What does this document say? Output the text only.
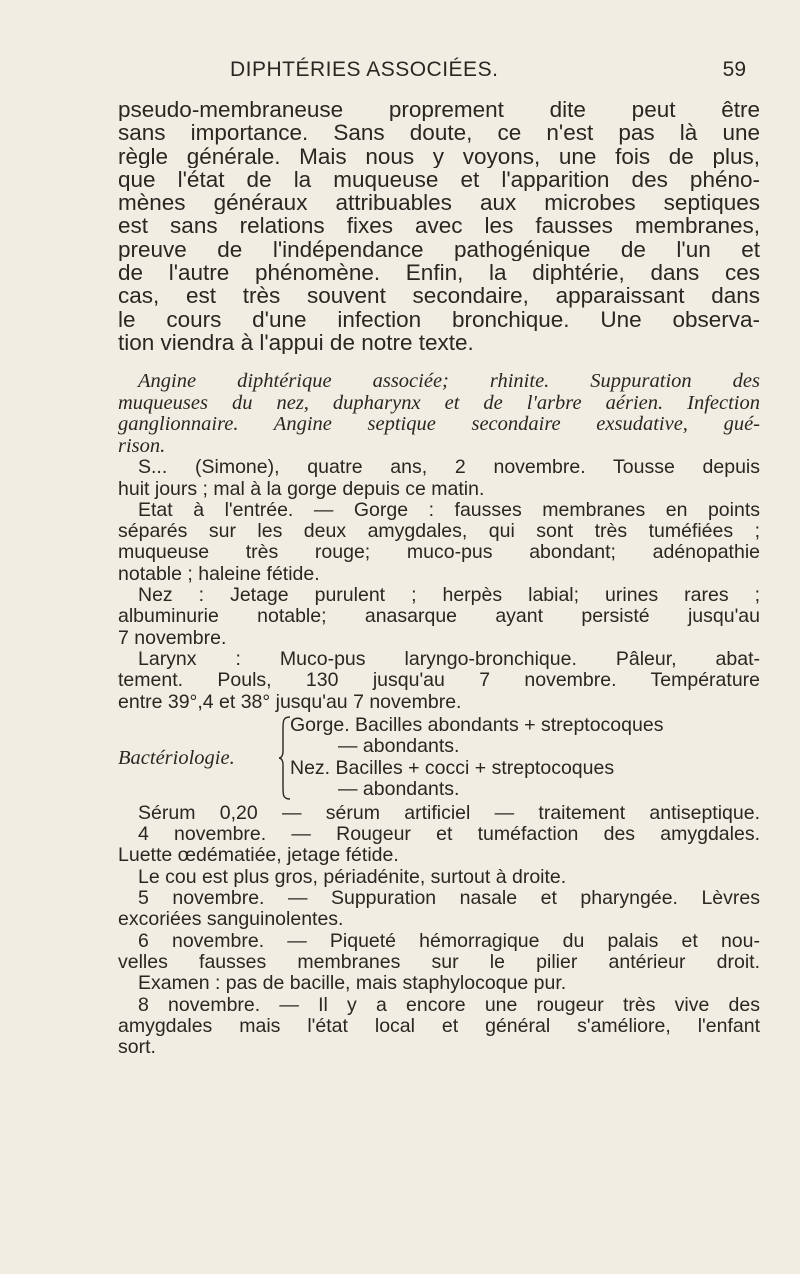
DIPHTÉRIES ASSOCIÉES.	59
pseudo-membraneuse proprement dite peut être
sans importance. Sans doute, ce n'est pas là une
règle générale. Mais nous y voyons, une fois de plus,
que l'état de la muqueuse et l'apparition des phéno-
mènes généraux attribuables aux microbes septiques
est sans relations fixes avec les fausses membranes,
preuve de l'indépendance pathogénique de l'un et
de l'autre phénomène. Enfin, la diphtérie, dans ces
cas, est très souvent secondaire, apparaissant dans
le cours d'une infection bronchique. Une observa-
tion viendra à l'appui de notre texte.
Angine diphtérique associée; rhinite. Suppuration des
muqueuses du nez, dupharynx et de l'arbre aérien. Infection
ganglionnaire. Angine septique secondaire exsudative, gué-
rison.
S... (Simone), quatre ans, 2 novembre. Tousse depuis
huit jours ; mal à la gorge depuis ce matin.
Etat à l'entrée. — Gorge : fausses membranes en points
séparés sur les deux amygdales, qui sont très tuméfiées ;
muqueuse très rouge; muco-pus abondant; adénopathie
notable ; haleine fétide.
Nez : Jetage purulent ; herpès labial; urines rares ;
albuminurie notable; anasarque ayant persisté jusqu'au
7 novembre.
Larynx : Muco-pus laryngo-bronchique. Pâleur, abat-
tement. Pouls, 130 jusqu'au 7 novembre. Température
entre 39°,4 et 38° jusqu'au 7 novembre.
Bactériologie.
Gorge. Bacilles abondants + streptocoques
— abondants.
Nez. Bacilles + cocci + streptocoques
— abondants.
Sérum 0,20 — sérum artificiel — traitement antiseptique.
4 novembre. — Rougeur et tuméfaction des amygdales.
Luette œdématiée, jetage fétide.
Le cou est plus gros, périadénite, surtout à droite.
5 novembre. — Suppuration nasale et pharyngée. Lèvres
excoriées sanguinolentes.
6 novembre. — Piqueté hémorragique du palais et nou-
velles fausses membranes sur le pilier antérieur droit.
Examen : pas de bacille, mais staphylocoque pur.
8 novembre. — Il y a encore une rougeur très vive des
amygdales mais l'état local et général s'améliore, l'enfant
sort.
